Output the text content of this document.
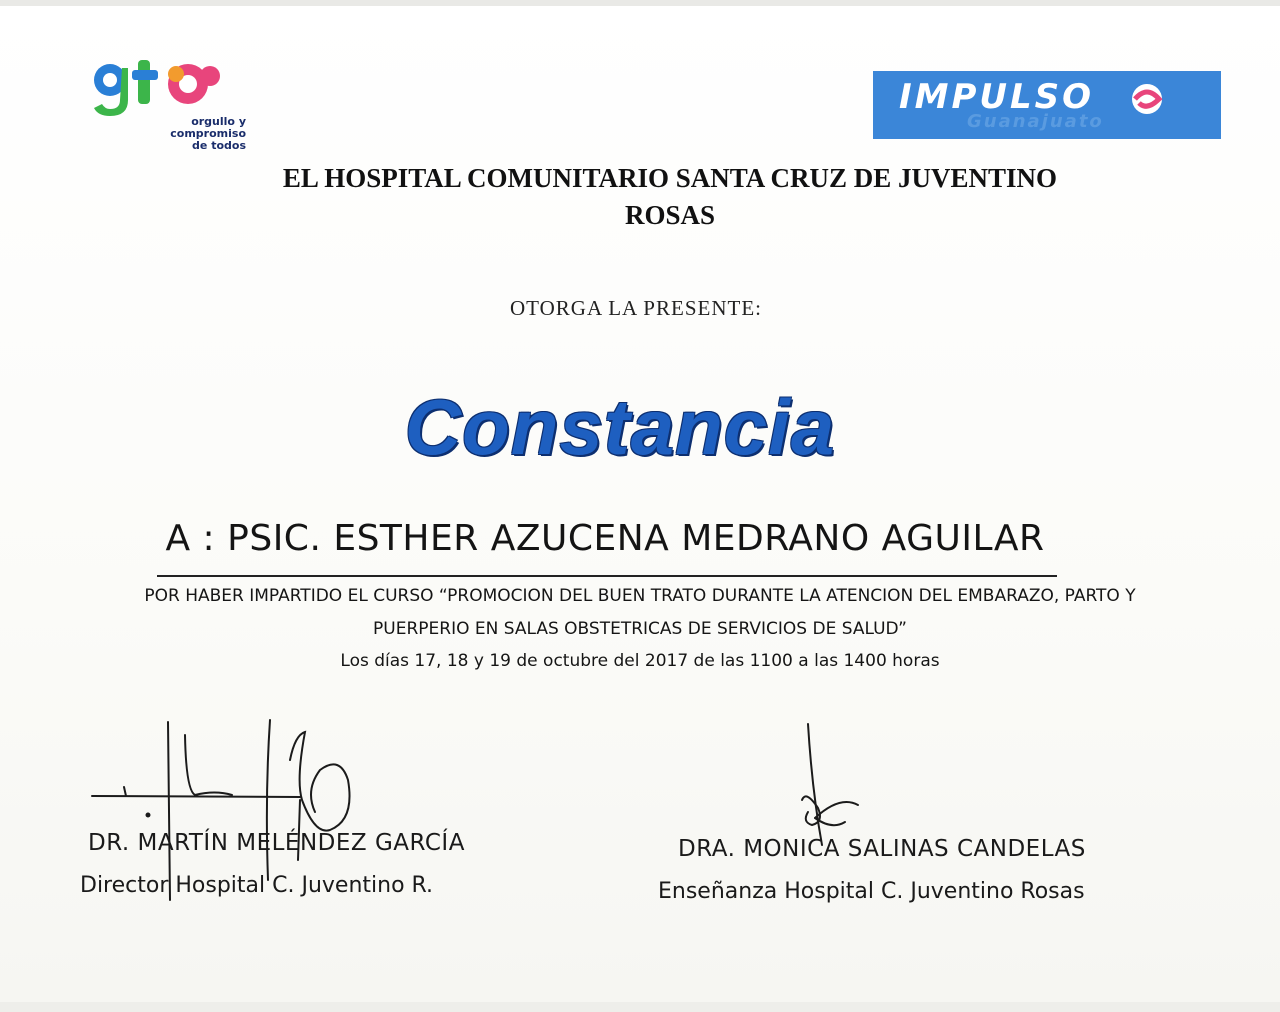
orgullo y
compromiso
de todos
IMPULSO
Guanajuato
EL HOSPITAL COMUNITARIO SANTA CRUZ DE JUVENTINO
ROSAS
OTORGA LA PRESENTE:
Constancia
A : PSIC. ESTHER AZUCENA MEDRANO AGUILAR
POR HABER IMPARTIDO EL CURSO “PROMOCION DEL BUEN TRATO DURANTE LA ATENCION DEL EMBARAZO, PARTO Y
PUERPERIO EN SALAS OBSTETRICAS DE SERVICIOS DE SALUD”
Los días 17, 18 y 19 de octubre del 2017 de las 1100 a las 1400 horas
DR. MARTÍN MELÉNDEZ GARCÍA
Director Hospital C. Juventino R.
DRA. MONICA SALINAS CANDELAS
Enseñanza Hospital C. Juventino Rosas
